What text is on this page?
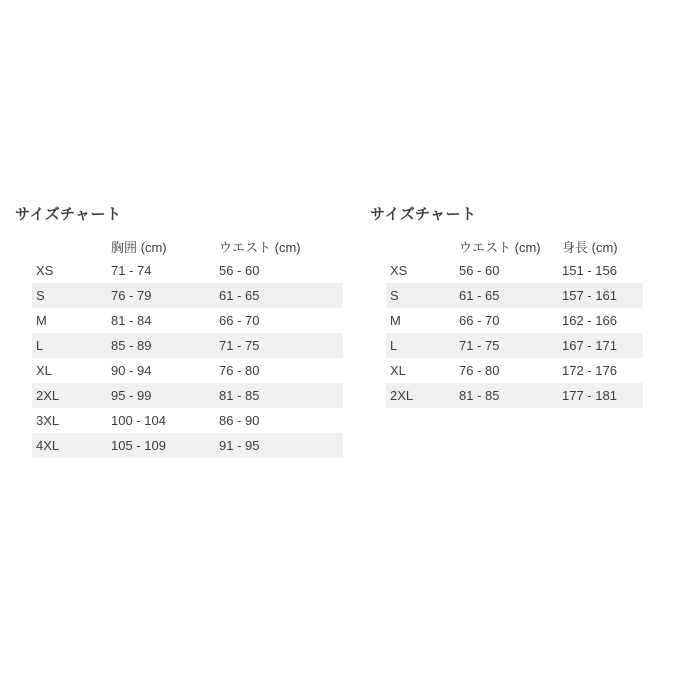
サイズチャート
	胸囲 (cm)	ウエスト (cm)
XS	71 - 74	56 - 60
S	76 - 79	61 - 65
M	81 - 84	66 - 70
L	85 - 89	71 - 75
XL	90 - 94	76 - 80
2XL	95 - 99	81 - 85
3XL	100 - 104	86 - 90
4XL	105 - 109	91 - 95
サイズチャート
	ウエスト (cm)	身長 (cm)
XS	56 - 60	151 - 156
S	61 - 65	157 - 161
M	66 - 70	162 - 166
L	71 - 75	167 - 171
XL	76 - 80	172 - 176
2XL	81 - 85	177 - 181
